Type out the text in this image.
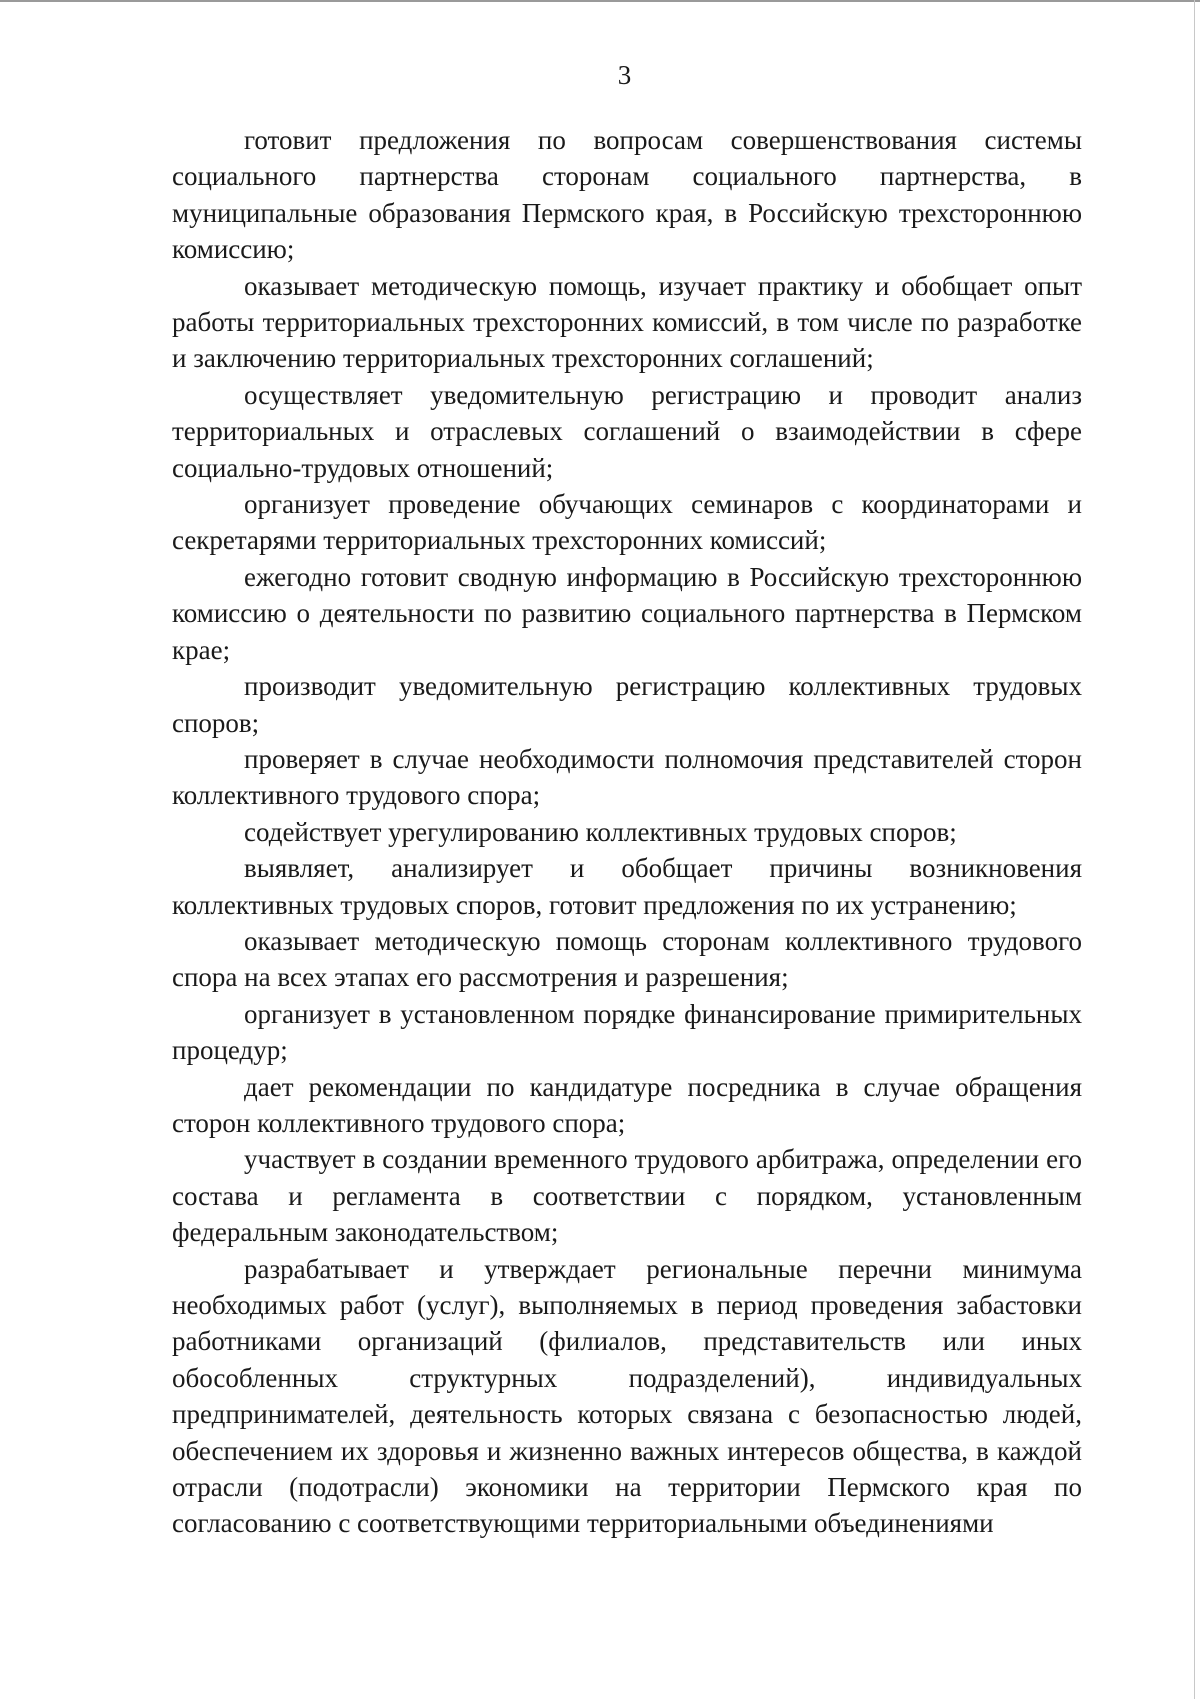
3

готовит предложения по вопросам совершенствования системы социального партнерства сторонам социального партнерства, в муниципальные образования Пермского края, в Российскую трехстороннюю комиссию;

оказывает методическую помощь, изучает практику и обобщает опыт работы территориальных трехсторонних комиссий, в том числе по разработке и заключению территориальных трехсторонних соглашений;

осуществляет уведомительную регистрацию и проводит анализ территориальных и отраслевых соглашений о взаимодействии в сфере социально-трудовых отношений;

организует проведение обучающих семинаров с координаторами и секретарями территориальных трехсторонних комиссий;

ежегодно готовит сводную информацию в Российскую трехстороннюю комиссию о деятельности по развитию социального партнерства в Пермском крае;

производит уведомительную регистрацию коллективных трудовых споров;

проверяет в случае необходимости полномочия представителей сторон коллективного трудового спора;

содействует урегулированию коллективных трудовых споров;

выявляет, анализирует и обобщает причины возникновения коллективных трудовых споров, готовит предложения по их устранению;

оказывает методическую помощь сторонам коллективного трудового спора на всех этапах его рассмотрения и разрешения;

организует в установленном порядке финансирование примирительных процедур;

дает рекомендации по кандидатуре посредника в случае обращения сторон коллективного трудового спора;

участвует в создании временного трудового арбитража, определении его состава и регламента в соответствии с порядком, установленным федеральным законодательством;

разрабатывает и утверждает региональные перечни минимума необходимых работ (услуг), выполняемых в период проведения забастовки работниками организаций (филиалов, представительств или иных обособленных структурных подразделений), индивидуальных предпринимателей, деятельность которых связана с безопасностью людей, обеспечением их здоровья и жизненно важных интересов общества, в каждой отрасли (подотрасли) экономики на территории Пермского края по согласованию с соответствующими территориальными объединениями
